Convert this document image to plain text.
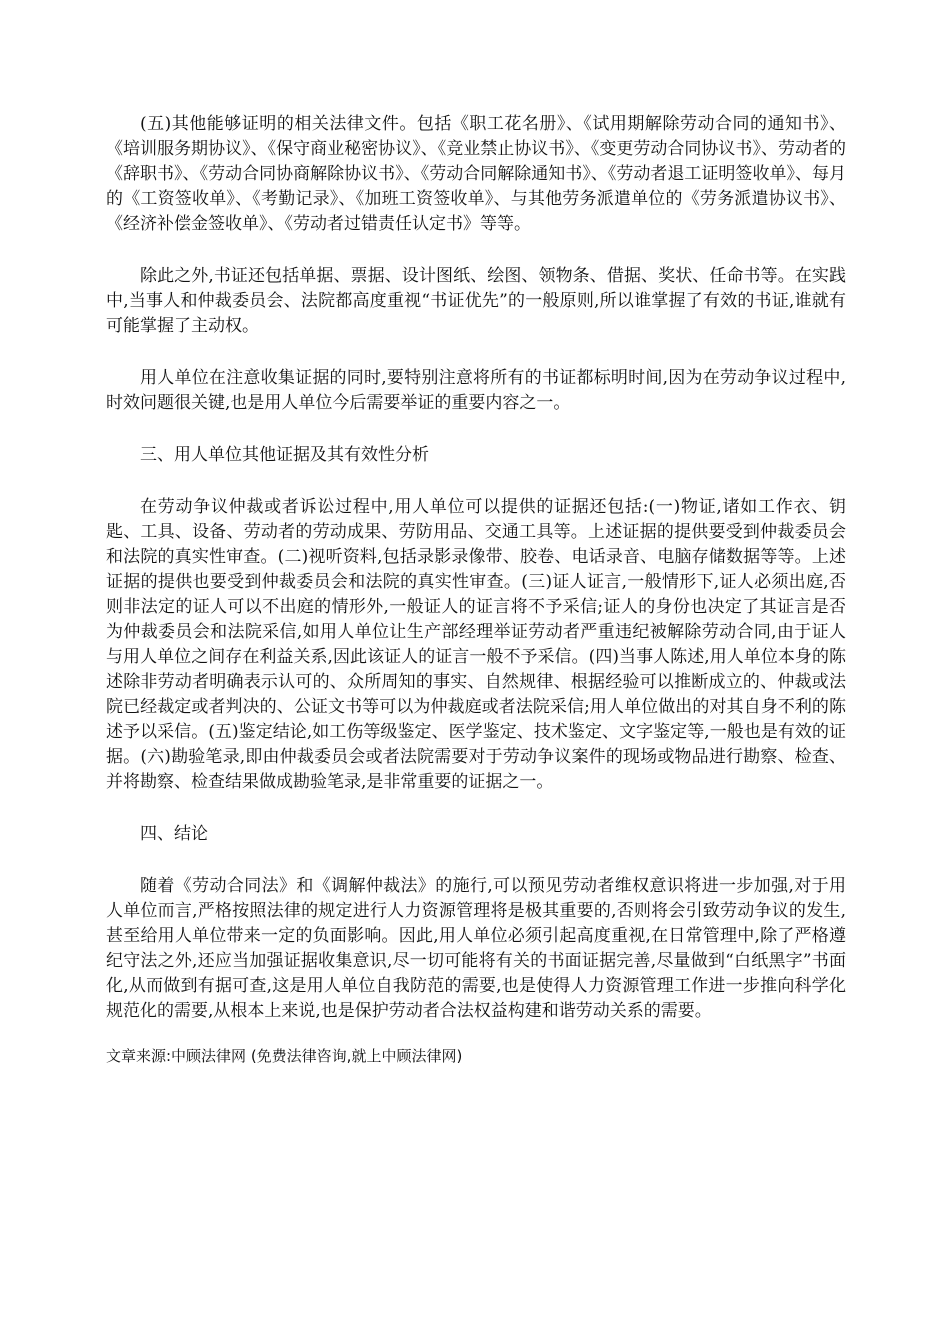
(五)其他能够证明的相关法律文件。包括《职工花名册》、《试用期解除劳动合同的通知书》、《培训服务期协议》、《保守商业秘密协议》、《竞业禁止协议书》、《变更劳动合同协议书》、劳动者的《辞职书》、《劳动合同协商解除协议书》、《劳动合同解除通知书》、《劳动者退工证明签收单》、每月的《工资签收单》、《考勤记录》、《加班工资签收单》、与其他劳务派遣单位的《劳务派遣协议书》、《经济补偿金签收单》、《劳动者过错责任认定书》等等。

除此之外,书证还包括单据、票据、设计图纸、绘图、领物条、借据、奖状、任命书等。在实践中,当事人和仲裁委员会、法院都高度重视“书证优先”的一般原则,所以谁掌握了有效的书证,谁就有可能掌握了主动权。

用人单位在注意收集证据的同时,要特别注意将所有的书证都标明时间,因为在劳动争议过程中,时效问题很关键,也是用人单位今后需要举证的重要内容之一。

三、用人单位其他证据及其有效性分析

在劳动争议仲裁或者诉讼过程中,用人单位可以提供的证据还包括:(一)物证,诸如工作衣、钥匙、工具、设备、劳动者的劳动成果、劳防用品、交通工具等。上述证据的提供要受到仲裁委员会和法院的真实性审查。(二)视听资料,包括录影录像带、胶卷、电话录音、电脑存储数据等等。上述证据的提供也要受到仲裁委员会和法院的真实性审查。(三)证人证言,一般情形下,证人必须出庭,否则非法定的证人可以不出庭的情形外,一般证人的证言将不予采信;证人的身份也决定了其证言是否为仲裁委员会和法院采信,如用人单位让生产部经理举证劳动者严重违纪被解除劳动合同,由于证人与用人单位之间存在利益关系,因此该证人的证言一般不予采信。(四)当事人陈述,用人单位本身的陈述除非劳动者明确表示认可的、众所周知的事实、自然规律、根据经验可以推断成立的、仲裁或法院已经裁定或者判决的、公证文书等可以为仲裁庭或者法院采信;用人单位做出的对其自身不利的陈述予以采信。(五)鉴定结论,如工伤等级鉴定、医学鉴定、技术鉴定、文字鉴定等,一般也是有效的证据。(六)勘验笔录,即由仲裁委员会或者法院需要对于劳动争议案件的现场或物品进行勘察、检查、并将勘察、检查结果做成勘验笔录,是非常重要的证据之一。

四、结论

随着《劳动合同法》和《调解仲裁法》的施行,可以预见劳动者维权意识将进一步加强,对于用人单位而言,严格按照法律的规定进行人力资源管理将是极其重要的,否则将会引致劳动争议的发生,甚至给用人单位带来一定的负面影响。因此,用人单位必须引起高度重视,在日常管理中,除了严格遵纪守法之外,还应当加强证据收集意识,尽一切可能将有关的书面证据完善,尽量做到“白纸黑字”书面化,从而做到有据可查,这是用人单位自我防范的需要,也是使得人力资源管理工作进一步推向科学化规范化的需要,从根本上来说,也是保护劳动者合法权益构建和谐劳动关系的需要。

文章来源:中顾法律网 (免费法律咨询,就上中顾法律网)
